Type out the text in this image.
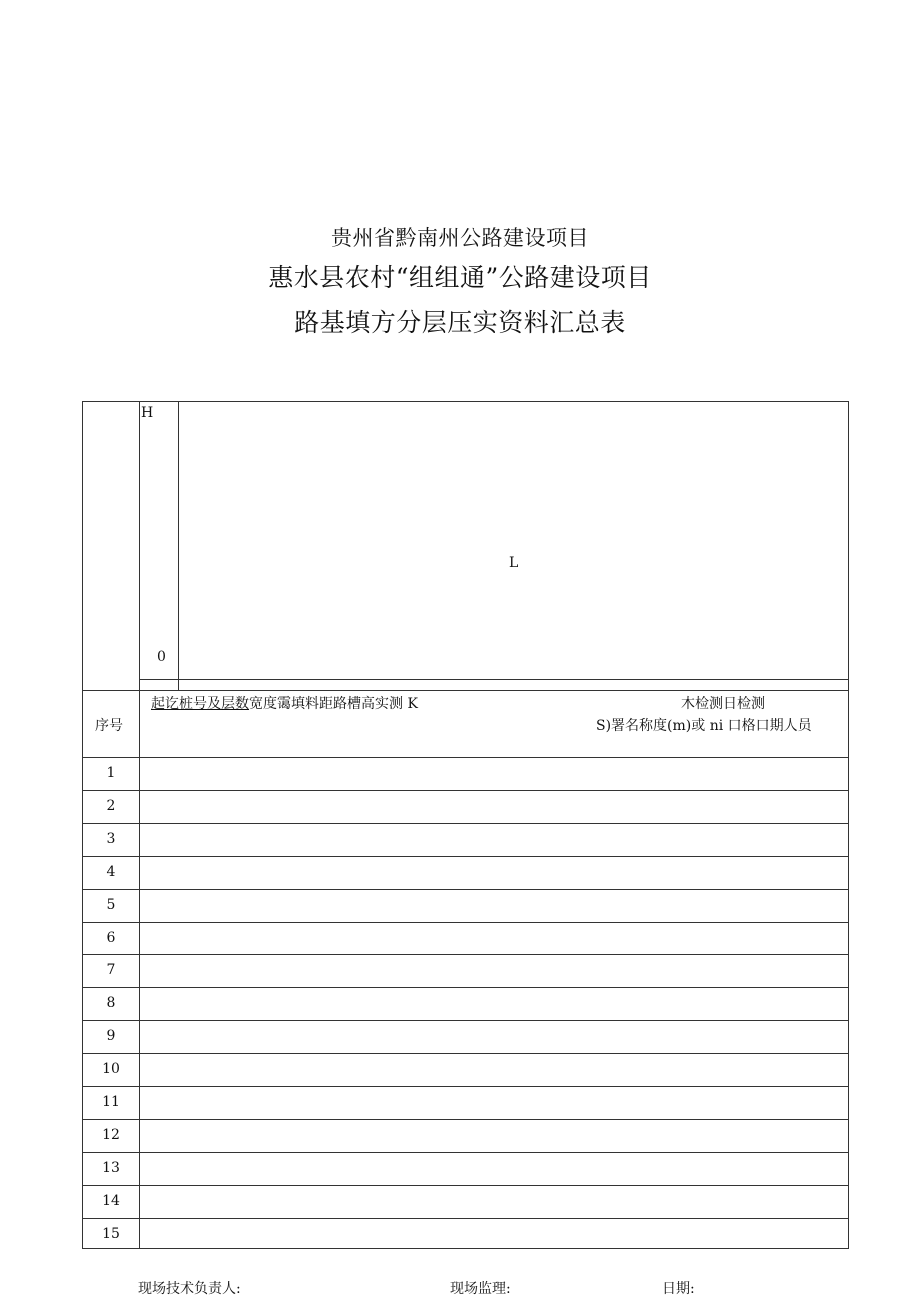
贵州省黔南州公路建设项目
惠水县农村“组组通”公路建设项目
路基填方分层压实资料汇总表
H
0
L
序号
起讫桩号及层数宽度霭填料距路槽高实测 K	木检测日检测
S)署名称度(m)或 ni 口格口期人员
1
2
3
4
5
6
7
8
9
10
11
12
13
14
15
现场技术负责人:	现场监理:	日期:
